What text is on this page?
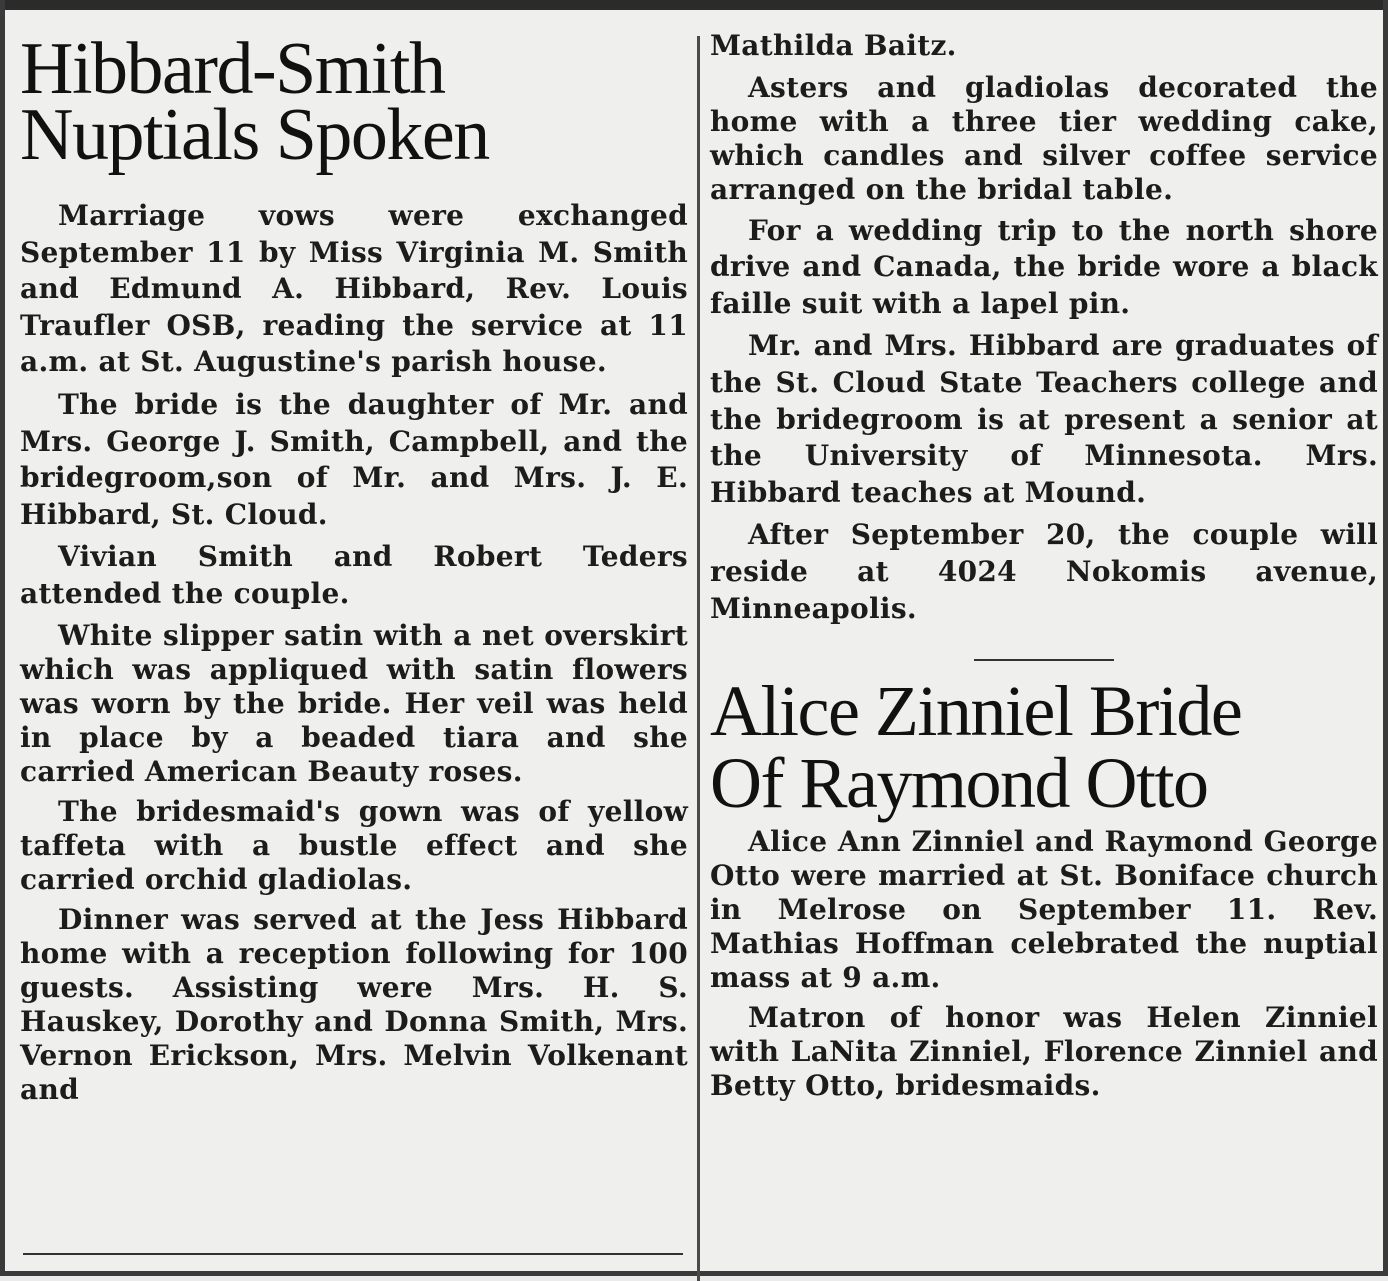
Hibbard-Smith
Nuptials Spoken

Marriage vows were exchanged September 11 by Miss Virginia M. Smith and Edmund A. Hibbard, Rev. Louis Traufler OSB, reading the service at 11 a.m. at St. Augustine's parish house.

The bride is the daughter of Mr. and Mrs. George J. Smith, Campbell, and the bridegroom,son of Mr. and Mrs. J. E. Hibbard, St. Cloud.

Vivian Smith and Robert Teders attended the couple.

White slipper satin with a net overskirt which was appliqued with satin flowers was worn by the bride. Her veil was held in place by a beaded tiara and she carried American Beauty roses.

The bridesmaid's gown was of yellow taffeta with a bustle effect and she carried orchid gladiolas.

Dinner was served at the Jess Hibbard home with a reception following for 100 guests. Assisting were Mrs. H. S. Hauskey, Dorothy and Donna Smith, Mrs. Vernon Erickson, Mrs. Melvin Volkenant and

Mathilda Baitz.

Asters and gladiolas decorated the home with a three tier wedding cake, which candles and silver coffee service arranged on the bridal table.

For a wedding trip to the north shore drive and Canada, the bride wore a black faille suit with a lapel pin.

Mr. and Mrs. Hibbard are graduates of the St. Cloud State Teachers college and the bridegroom is at present a senior at the University of Minnesota. Mrs. Hibbard teaches at Mound.

After September 20, the couple will reside at 4024 Nokomis avenue, Minneapolis.

Alice Zinniel Bride
Of Raymond Otto

Alice Ann Zinniel and Raymond George Otto were married at St. Boniface church in Melrose on September 11. Rev. Mathias Hoffman celebrated the nuptial mass at 9 a.m.

Matron of honor was Helen Zinniel with LaNita Zinniel, Florence Zinniel and Betty Otto, bridesmaids.
